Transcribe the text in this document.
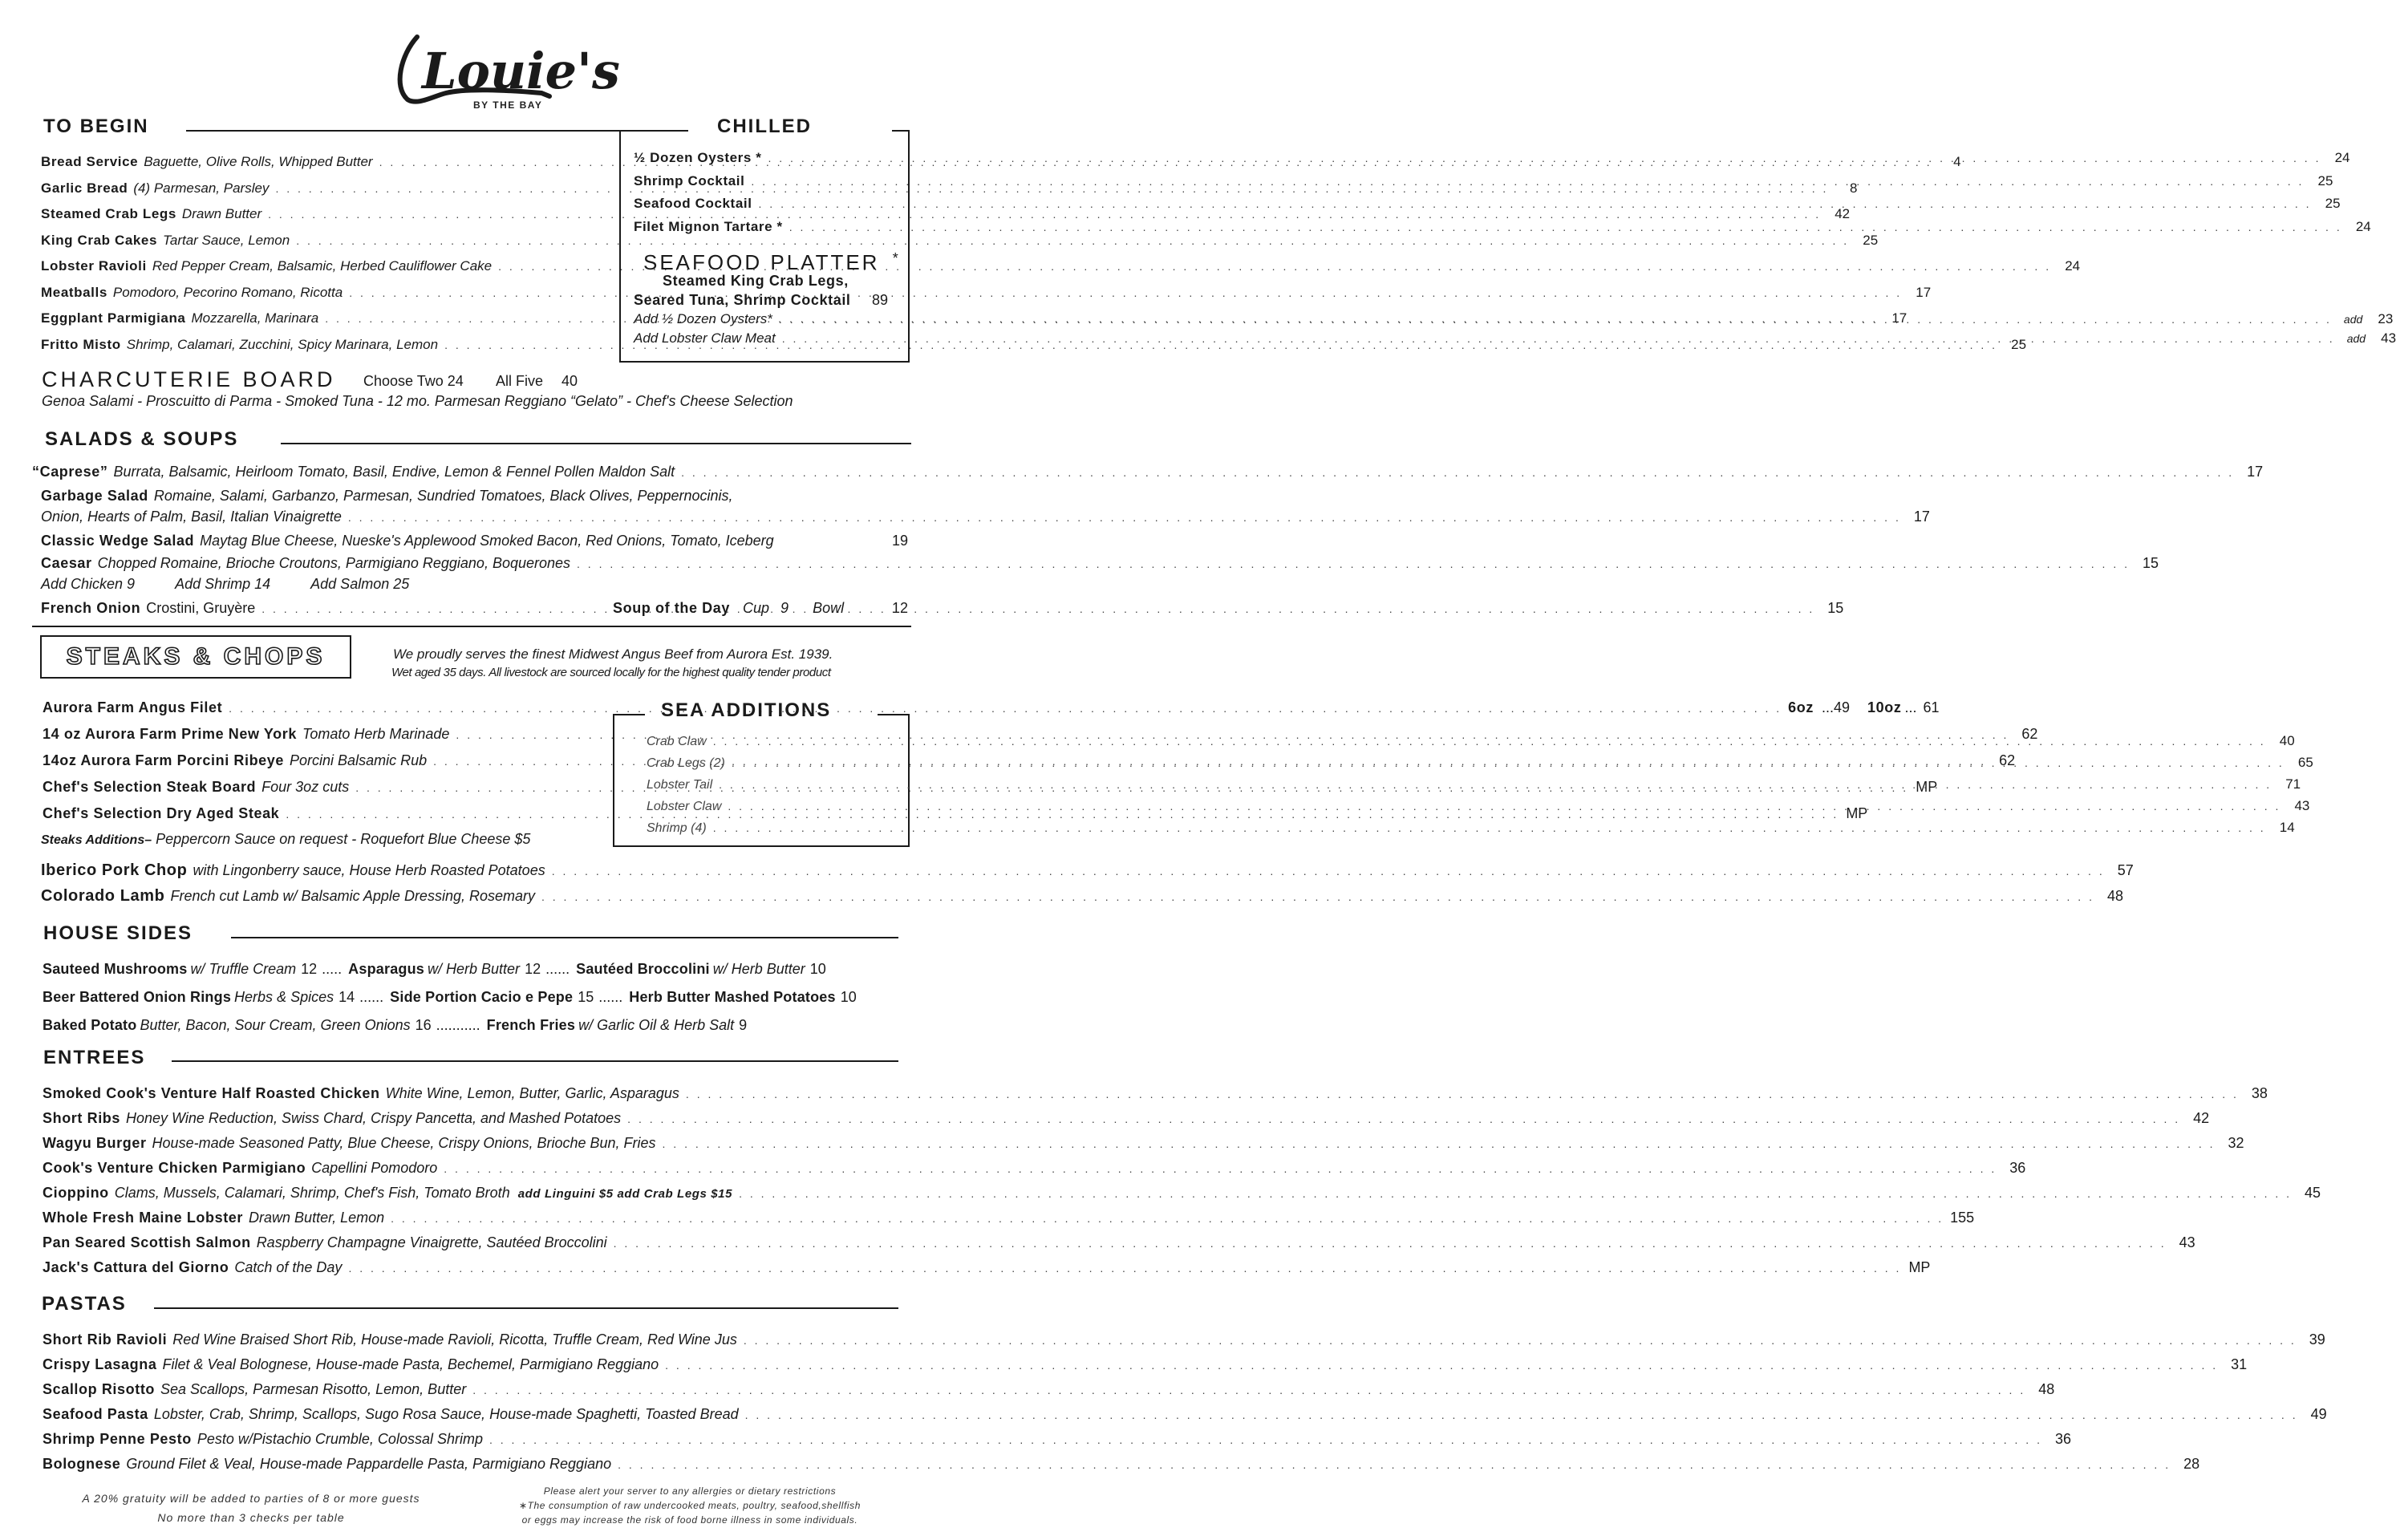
Louie's
BY THE BAY
TO BEGIN
Bread Service Baguette, Olive Rolls, Whipped Butter . . .	4
Garlic Bread (4) Parmesan, Parsley . . .	8
Steamed Crab Legs Drawn Butter . . .	42
King Crab Cakes Tartar Sauce, Lemon . . .	25
Lobster Ravioli Red Pepper Cream, Balsamic, Herbed Cauliflower Cake . . .	24
Meatballs Pomodoro, Pecorino Romano, Ricotta . . .	17
Eggplant Parmigiana Mozzarella, Marinara . . .	17
Fritto Misto Shrimp, Calamari, Zucchini, Spicy Marinara, Lemon . . .	25
CHILLED
½ Dozen Oysters * . . .	24
Shrimp Cocktail . . .	25
Seafood Cocktail . . .	25
Filet Mignon Tartare * . . .	24
SEAFOOD PLATTER *
Steamed King Crab Legs,
Seared Tuna, Shrimp Cocktail 89
Add ½ Dozen Oysters* . . .	add	23
Add Lobster Claw Meat . . .	add	43
CHARCUTERIE BOARD Choose Two 24 All Five 40
Genoa Salami - Proscuitto di Parma - Smoked Tuna - 12 mo. Parmesan Reggiano “Gelato” - Chef's Cheese Selection
SALADS & SOUPS
“Caprese” Burrata, Balsamic, Heirloom Tomato, Basil, Endive, Lemon & Fennel Pollen Maldon Salt . . .	17
Garbage Salad Romaine, Salami, Garbanzo, Parmesan, Sundried Tomatoes, Black Olives, Peppernocinis,
Onion, Hearts of Palm, Basil, Italian Vinaigrette . . .	17
Classic Wedge Salad Maytag Blue Cheese, Nueske's Applewood Smoked Bacon, Red Onions, Tomato, Iceberg	19
Caesar Chopped Romaine, Brioche Croutons, Parmigiano Reggiano, Boquerones . . .	15
Add Chicken 9	Add Shrimp 14	Add Salmon 25
French Onion Crostini, Gruyère . . .	15
Soup of the Day Cup 9 Bowl	12
STEAKS & CHOPS	We proudly serves the finest Midwest Angus Beef from Aurora Est. 1939.
Wet aged 35 days. All livestock are sourced locally for the highest quality tender product
Aurora Farm Angus Filet . . .	6oz ... 49 10oz ... 61
14 oz Aurora Farm Prime New York Tomato Herb Marinade . . .	62
14oz Aurora Farm Porcini Ribeye Porcini Balsamic Rub . . .	62
Chef's Selection Steak Board Four 3oz cuts . . .	MP
Chef's Selection Dry Aged Steak . . .	MP
Steaks Additions– Peppercorn Sauce on request - Roquefort Blue Cheese $5
SEA ADDITIONS
Crab Claw . . .	40
Crab Legs (2) . . .	65
Lobster Tail . . .	71
Lobster Claw . . .	43
Shrimp (4) . . .	14
Iberico Pork Chop with Lingonberry sauce, House Herb Roasted Potatoes . . .	57
Colorado Lamb French cut Lamb w/ Balsamic Apple Dressing, Rosemary . . .	48
HOUSE SIDES
Sauteed Mushrooms w/ Truffle Cream 12 ..... Asparagus w/ Herb Butter 12 ...... Sautéed Broccolini w/ Herb Butter 10
Beer Battered Onion Rings Herbs & Spices 14 ...... Side Portion Cacio e Pepe 15 ...... Herb Butter Mashed Potatoes 10
Baked Potato Butter, Bacon, Sour Cream, Green Onions 16 ........... French Fries w/ Garlic Oil & Herb Salt 9
ENTREES
Smoked Cook's Venture Half Roasted Chicken White Wine, Lemon, Butter, Garlic, Asparagus . . .	38
Short Ribs Honey Wine Reduction, Swiss Chard, Crispy Pancetta, and Mashed Potatoes . . .	42
Wagyu Burger House-made Seasoned Patty, Blue Cheese, Crispy Onions, Brioche Bun, Fries . . .	32
Cook's Venture Chicken Parmigiano Capellini Pomodoro . . .	36
Cioppino Clams, Mussels, Calamari, Shrimp, Chef's Fish, Tomato Broth add Linguini $5 add Crab Legs $15 . . .	45
Whole Fresh Maine Lobster Drawn Butter, Lemon . . .	155
Pan Seared Scottish Salmon Raspberry Champagne Vinaigrette, Sautéed Broccolini . . .	43
Jack's Cattura del Giorno Catch of the Day . . .	MP
PASTAS
Short Rib Ravioli Red Wine Braised Short Rib, House-made Ravioli, Ricotta, Truffle Cream, Red Wine Jus . . .	39
Crispy Lasagna Filet & Veal Bolognese, House-made Pasta, Bechemel, Parmigiano Reggiano . . .	31
Scallop Risotto Sea Scallops, Parmesan Risotto, Lemon, Butter . . .	48
Seafood Pasta Lobster, Crab, Shrimp, Scallops, Sugo Rosa Sauce, House-made Spaghetti, Toasted Bread . . .	49
Shrimp Penne Pesto Pesto w/Pistachio Crumble, Colossal Shrimp . . .	36
Bolognese Ground Filet & Veal, House-made Pappardelle Pasta, Parmigiano Reggiano . . .	28
A 20% gratuity will be added to parties of 8 or more guests
No more than 3 checks per table
Please alert your server to any allergies or dietary restrictions
∗The consumption of raw undercooked meats, poultry, seafood,shellfish
or eggs may increase the risk of food borne illness in some individuals.
